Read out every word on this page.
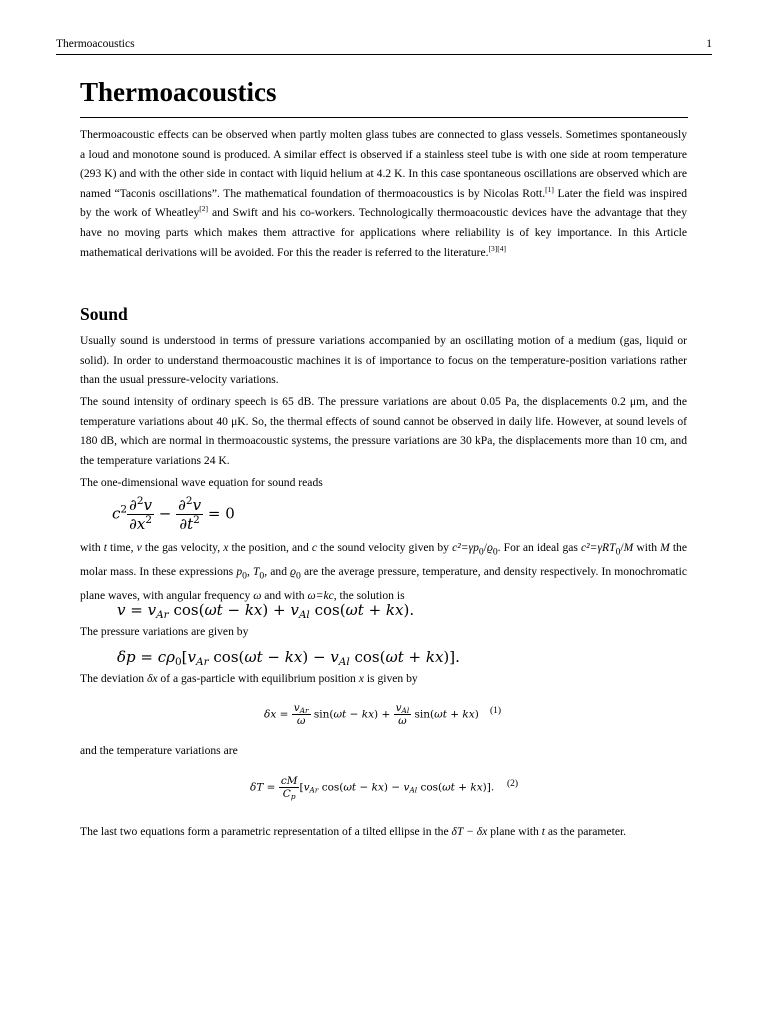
Thermoacoustics	1
Thermoacoustics
Thermoacoustic effects can be observed when partly molten glass tubes are connected to glass vessels. Sometimes spontaneously a loud and monotone sound is produced. A similar effect is observed if a stainless steel tube is with one side at room temperature (293 K) and with the other side in contact with liquid helium at 4.2 K. In this case spontaneous oscillations are observed which are named “Taconis oscillations”. The mathematical foundation of thermoacoustics is by Nicolas Rott.[1] Later the field was inspired by the work of Wheatley[2] and Swift and his co-workers. Technologically thermoacoustic devices have the advantage that they have no moving parts which makes them attractive for applications where reliability is of key importance. In this Article mathematical derivations will be avoided. For this the reader is referred to the literature.[3][4]
Sound
Usually sound is understood in terms of pressure variations accompanied by an oscillating motion of a medium (gas, liquid or solid). In order to understand thermoacoustic machines it is of importance to focus on the temperature-position variations rather than the usual pressure-velocity variations.
The sound intensity of ordinary speech is 65 dB. The pressure variations are about 0.05 Pa, the displacements 0.2 μm, and the temperature variations about 40 μK. So, the thermal effects of sound cannot be observed in daily life. However, at sound levels of 180 dB, which are normal in thermoacoustic systems, the pressure variations are 30 kPa, the displacements more than 10 cm, and the temperature variations 24 K.
The one-dimensional wave equation for sound reads
$c^2 \frac{\partial^2v}{\partial x^2} - \frac{\partial^2v}{\partial t^2} = 0$
with t time, v the gas velocity, x the position, and c the sound velocity given by $c^2=\gamma p_0/ϱ_0$. For an ideal gas c²=γRT$_0$/M with M the molar mass. In these expressions $p_0$, $T_0$, and $ϱ_0$ are the average pressure, temperature, and density respectively. In monochromatic plane waves, with angular frequency ω and with ω=kc, the solution is
$v = v_{Ar}$ $\cos(\omega t - kx) + v_{Al}$ cos(ωt + kx).
The pressure variations are given by
$\delta p = c\rho_0[v_{Ar}$ $\cos(\omega t - kx) - v_{Al}$ cos(ωt + kx)].
The deviation δx of a gas-particle with equilibrium position x is given by
$\delta x = \frac{v_{Ar}}{\omega} \sin(\omega t - kx) + \frac{v_{Al}}{\omega} \sin(\omega t + kx)$ (1)
and the temperature variations are
$\delta T = \frac{cM}{C_p} [v_{Ar}$ $\cos(\omega t - kx) - v_{Al}$ cos(ωt + kx)]. (2)
The last two equations form a parametric representation of a tilted ellipse in the δT − δx plane with t as the parameter.
